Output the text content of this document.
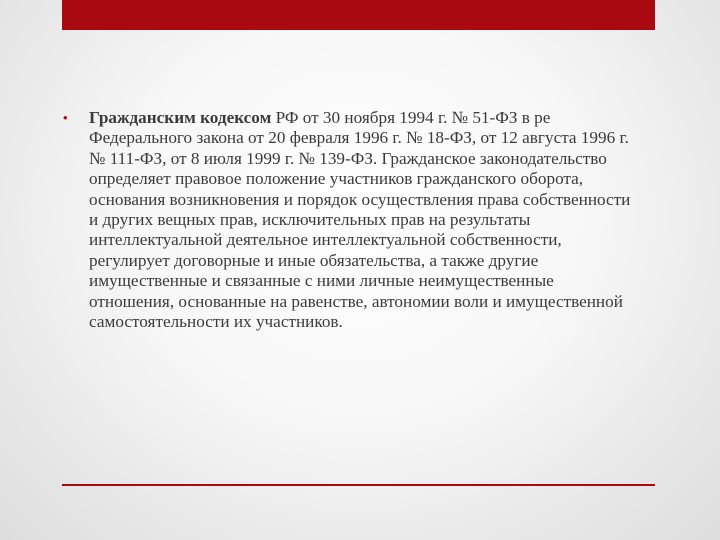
•	Гражданским кодексом РФ от 30 ноября 1994 г. № 51-ФЗ в ре Федерального закона от 20 февраля 1996 г. № 18-ФЗ, от 12 августа 1996 г. № 111-ФЗ, от 8 июля 1999 г. № 139-ФЗ. Гражданское законодательство определяет правовое положение участников гражданского оборота, основания возникновения и порядок осуществления права собственности и других вещных прав, исключительных прав на результаты интеллектуальной деятельное интеллектуальной собственности, регулирует договорные и иные обязательства, а также другие имущественные и связанные с ними личные неимущественные отношения, основанные на равенстве, автономии воли и имущественной самостоятельности их участников.
